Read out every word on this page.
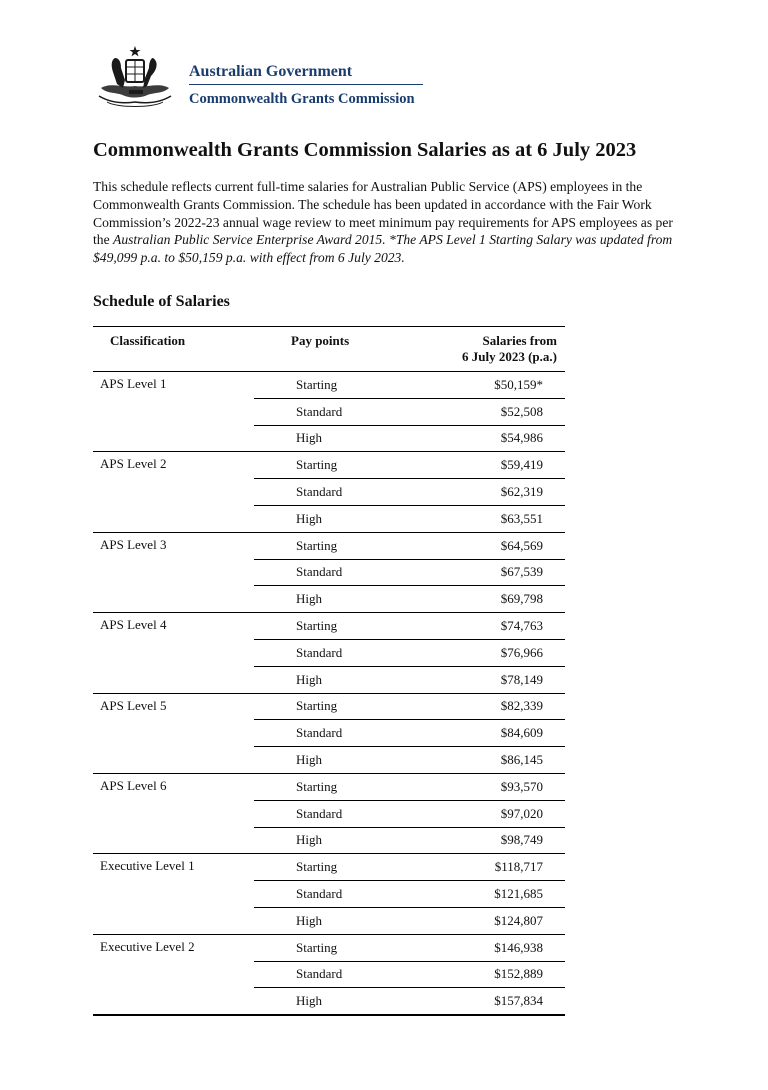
Australian Government
Commonwealth Grants Commission
Commonwealth Grants Commission Salaries as at 6 July 2023

This schedule reflects current full-time salaries for Australian Public Service (APS) employees in the Commonwealth Grants Commission. The schedule has been updated in accordance with the Fair Work Commission’s 2022-23 annual wage review to meet minimum pay requirements for APS employees as per the Australian Public Service Enterprise Award 2015. *The APS Level 1 Starting Salary was updated from $49,099 p.a. to $50,159 p.a. with effect from 6 July 2023.

Schedule of Salaries
Classification	Pay points	Salaries from
6 July 2023 (p.a.)
APS Level 1	Starting	$50,159*
	Standard	$52,508
	High	$54,986
APS Level 2	Starting	$59,419
	Standard	$62,319
	High	$63,551
APS Level 3	Starting	$64,569
	Standard	$67,539
	High	$69,798
APS Level 4	Starting	$74,763
	Standard	$76,966
	High	$78,149
APS Level 5	Starting	$82,339
	Standard	$84,609
	High	$86,145
APS Level 6	Starting	$93,570
	Standard	$97,020
	High	$98,749
Executive Level 1	Starting	$118,717
	Standard	$121,685
	High	$124,807
Executive Level 2	Starting	$146,938
	Standard	$152,889
	High	$157,834
